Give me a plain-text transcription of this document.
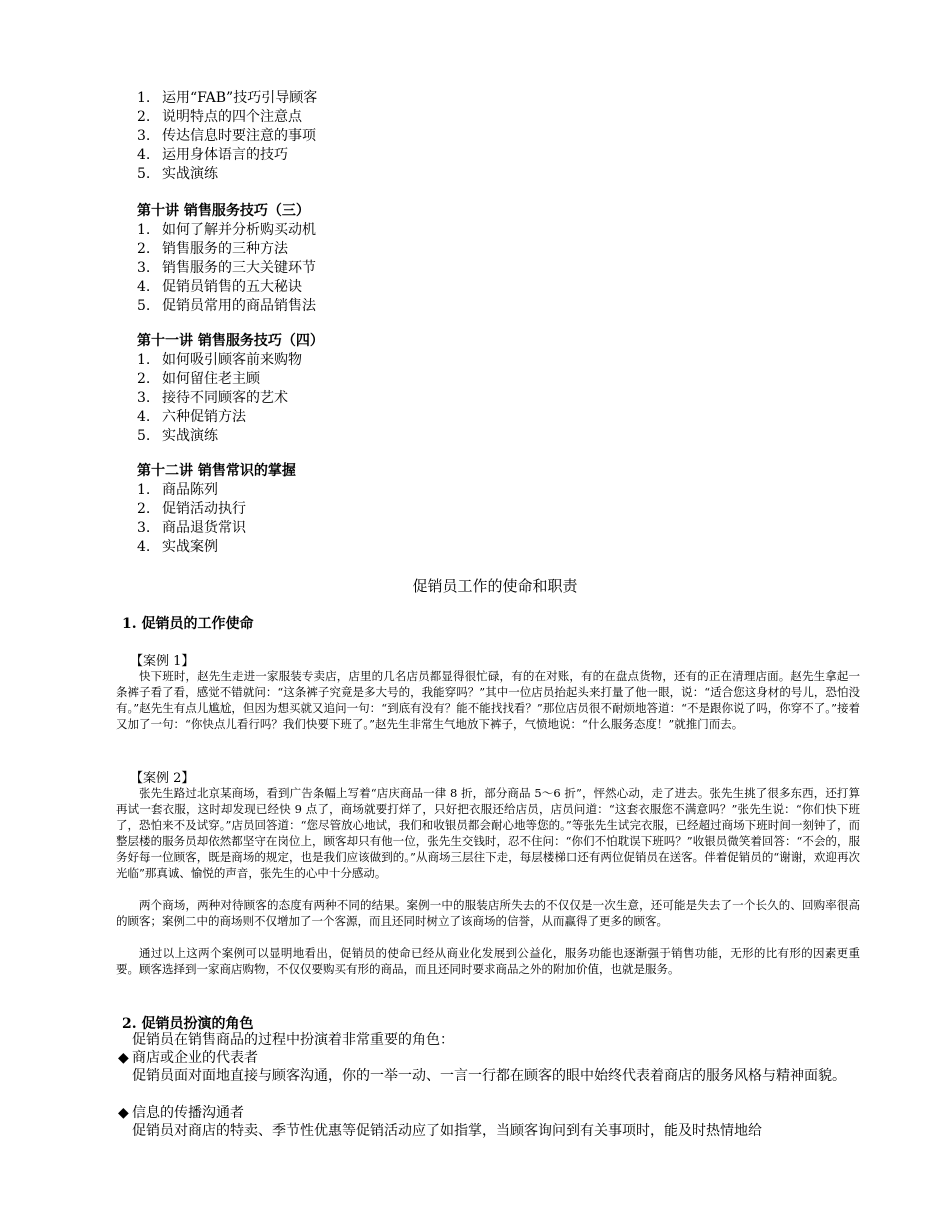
1. 运用“FAB”技巧引导顾客
2. 说明特点的四个注意点
3. 传达信息时要注意的事项
4. 运用身体语言的技巧
5. 实战演练
第十讲 销售服务技巧（三）
1. 如何了解并分析购买动机
2. 销售服务的三种方法
3. 销售服务的三大关键环节
4. 促销员销售的五大秘诀
5. 促销员常用的商品销售法
第十一讲 销售服务技巧（四）
1. 如何吸引顾客前来购物
2. 如何留住老主顾
3. 接待不同顾客的艺术
4. 六种促销方法
5. 实战演练
第十二讲 销售常识的掌握
1. 商品陈列
2. 促销活动执行
3. 商品退货常识
4. 实战案例
促销员工作的使命和职责
1. 促销员的工作使命
【案例 1】

快下班时，赵先生走进一家服装专卖店，店里的几名店员都显得很忙碌，有的在对账，有的在盘点货物，还有的正在清理店面。赵先生拿起一条裤子看了看，感觉不错就问：“这条裤子究竟是多大号的，我能穿吗？”其中一位店员抬起头来打量了他一眼，说：“适合您这身材的号儿，恐怕没有。”赵先生有点儿尴尬，但因为想买就又追问一句：“到底有没有？能不能找找看？”那位店员很不耐烦地答道：“不是跟你说了吗，你穿不了。”接着又加了一句：“你快点儿看行吗？我们快要下班了。”赵先生非常生气地放下裤子，气愤地说：“什么服务态度！”就推门而去。

【案例 2】

张先生路过北京某商场，看到广告条幅上写着“店庆商品一律 8 折，部分商品 5～6 折”，怦然心动，走了进去。张先生挑了很多东西，还打算再试一套衣服，这时却发现已经快 9 点了，商场就要打烊了，只好把衣服还给店员，店员问道：“这套衣服您不满意吗？”张先生说：“你们快下班了，恐怕来不及试穿。”店员回答道：“您尽管放心地试，我们和收银员都会耐心地等您的。”等张先生试完衣服，已经超过商场下班时间一刻钟了，而整层楼的服务员却依然都坚守在岗位上，顾客却只有他一位，张先生交钱时，忍不住问：“你们不怕耽误下班吗？”收银员微笑着回答：“不会的，服务好每一位顾客，既是商场的规定，也是我们应该做到的。”从商场三层往下走，每层楼梯口还有两位促销员在送客。伴着促销员的“谢谢，欢迎再次光临”那真诚、愉悦的声音，张先生的心中十分感动。

两个商场，两种对待顾客的态度有两种不同的结果。案例一中的服装店所失去的不仅仅是一次生意，还可能是失去了一个长久的、回购率很高的顾客；案例二中的商场则不仅增加了一个客源，而且还同时树立了该商场的信誉，从而赢得了更多的顾客。

通过以上这两个案例可以显明地看出，促销员的使命已经从商业化发展到公益化，服务功能也逐渐强于销售功能，无形的比有形的因素更重要。顾客选择到一家商店购物，不仅仅要购买有形的商品，而且还同时要求商品之外的附加价值，也就是服务。

2. 促销员扮演的角色

促销员在销售商品的过程中扮演着非常重要的角色：

◆ 商店或企业的代表者

促销员面对面地直接与顾客沟通，你的一举一动、一言一行都在顾客的眼中始终代表着商店的服务风格与精神面貌。

◆ 信息的传播沟通者

促销员对商店的特卖、季节性优惠等促销活动应了如指掌，当顾客询问到有关事项时，能及时热情地给
